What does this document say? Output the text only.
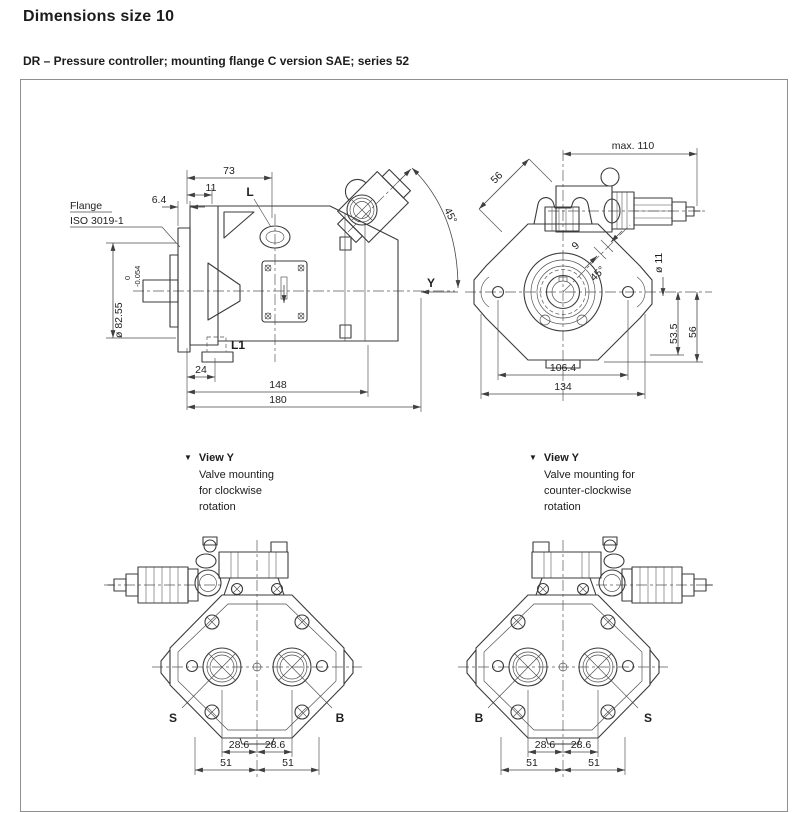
Dimensions size 10
DR – Pressure controller; mounting flange C version SAE; series 52
Y
45°
73
11
6.4
Flange
ISO 3019-1
ø 82.55
0 -0.054
L
L1
24
148
180
max. 110
56
9
45°
ø 11
53.5 56
106.4
134
28.6 28.6
51	51
S	B
28.6 28.6
51	51
B	S
▼ View Y
Valve mounting
for clockwise
rotation
▼ View Y
Valve mounting for
counter-clockwise
rotation
